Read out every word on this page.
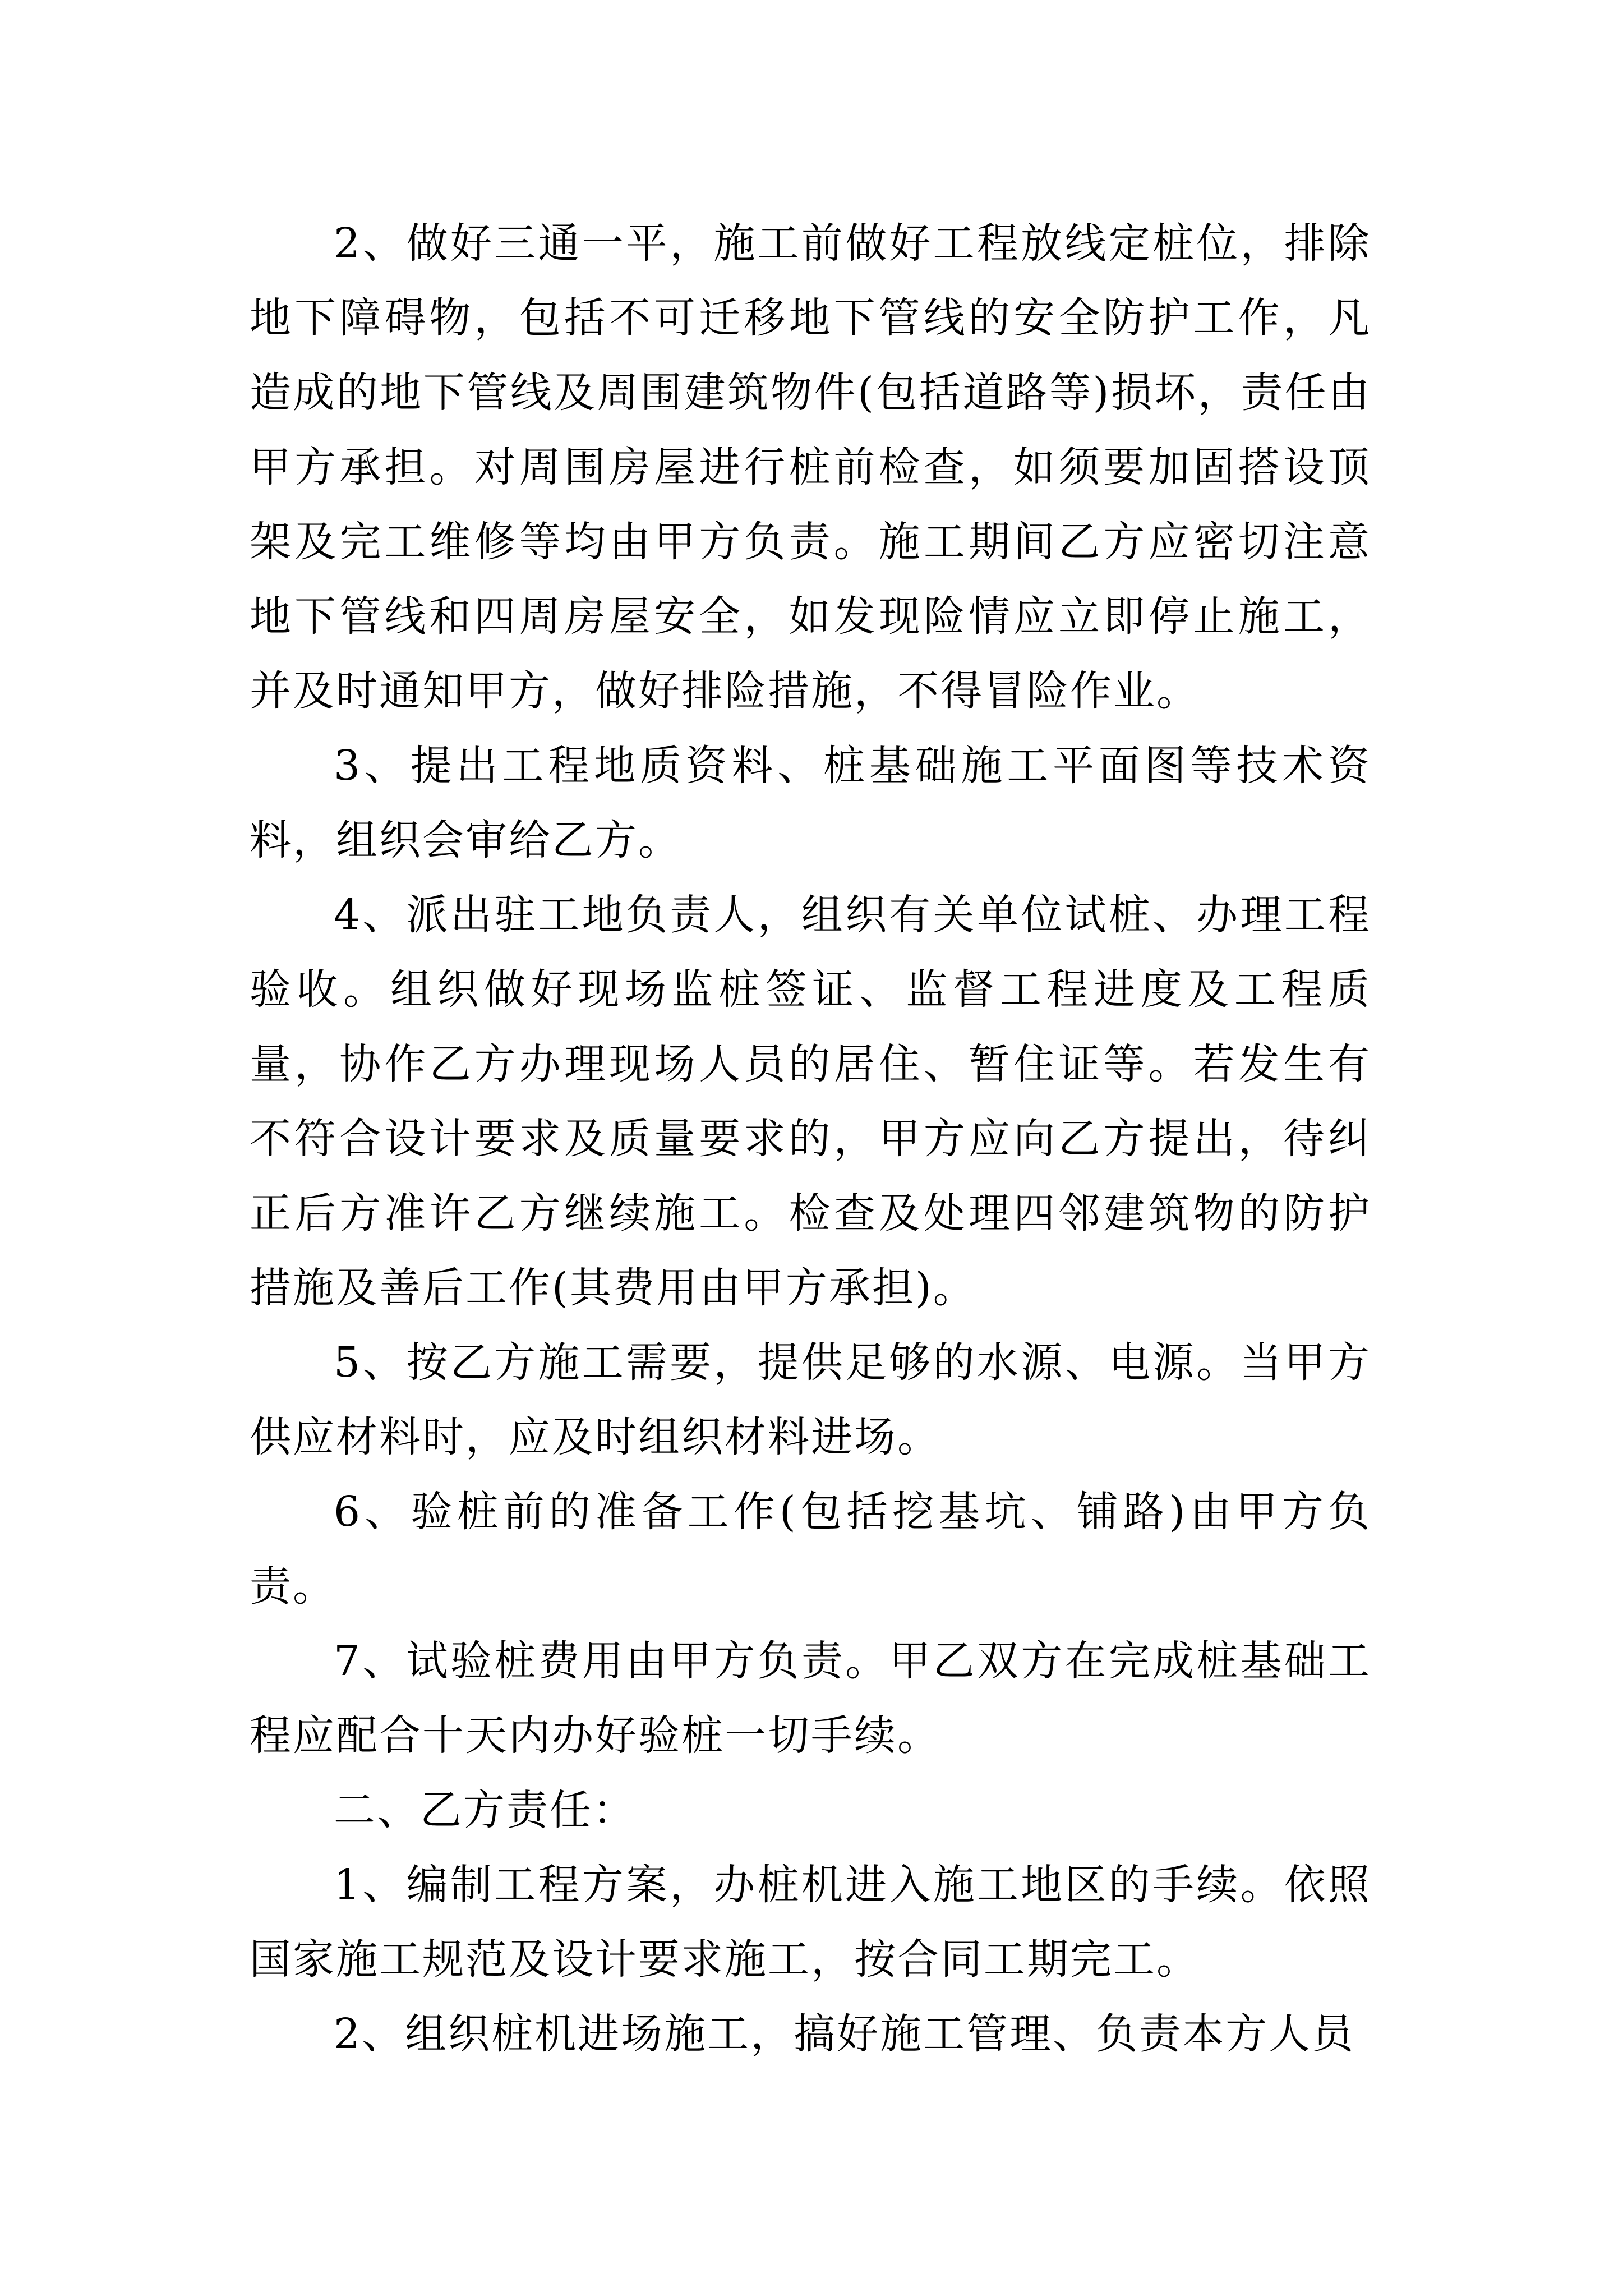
2、做好三通一平，施工前做好工程放线定桩位，排除地下障碍物，包括不可迁移地下管线的安全防护工作，凡造成的地下管线及周围建筑物件(包括道路等)损坏，责任由甲方承担。对周围房屋进行桩前检查，如须要加固搭设顶架及完工维修等均由甲方负责。施工期间乙方应密切注意地下管线和四周房屋安全，如发现险情应立即停止施工，并及时通知甲方，做好排险措施，不得冒险作业。

3、提出工程地质资料、桩基础施工平面图等技术资料，组织会审给乙方。

4、派出驻工地负责人，组织有关单位试桩、办理工程验收。组织做好现场监桩签证、监督工程进度及工程质量，协作乙方办理现场人员的居住、暂住证等。若发生有不符合设计要求及质量要求的，甲方应向乙方提出，待纠正后方准许乙方继续施工。检查及处理四邻建筑物的防护措施及善后工作(其费用由甲方承担)。

5、按乙方施工需要，提供足够的水源、电源。当甲方供应材料时，应及时组织材料进场。

6、验桩前的准备工作(包括挖基坑、铺路)由甲方负责。

7、试验桩费用由甲方负责。甲乙双方在完成桩基础工程应配合十天内办好验桩一切手续。

二、乙方责任：

1、编制工程方案，办桩机进入施工地区的手续。依照国家施工规范及设计要求施工，按合同工期完工。

2、组织桩机进场施工，搞好施工管理、负责本方人员
